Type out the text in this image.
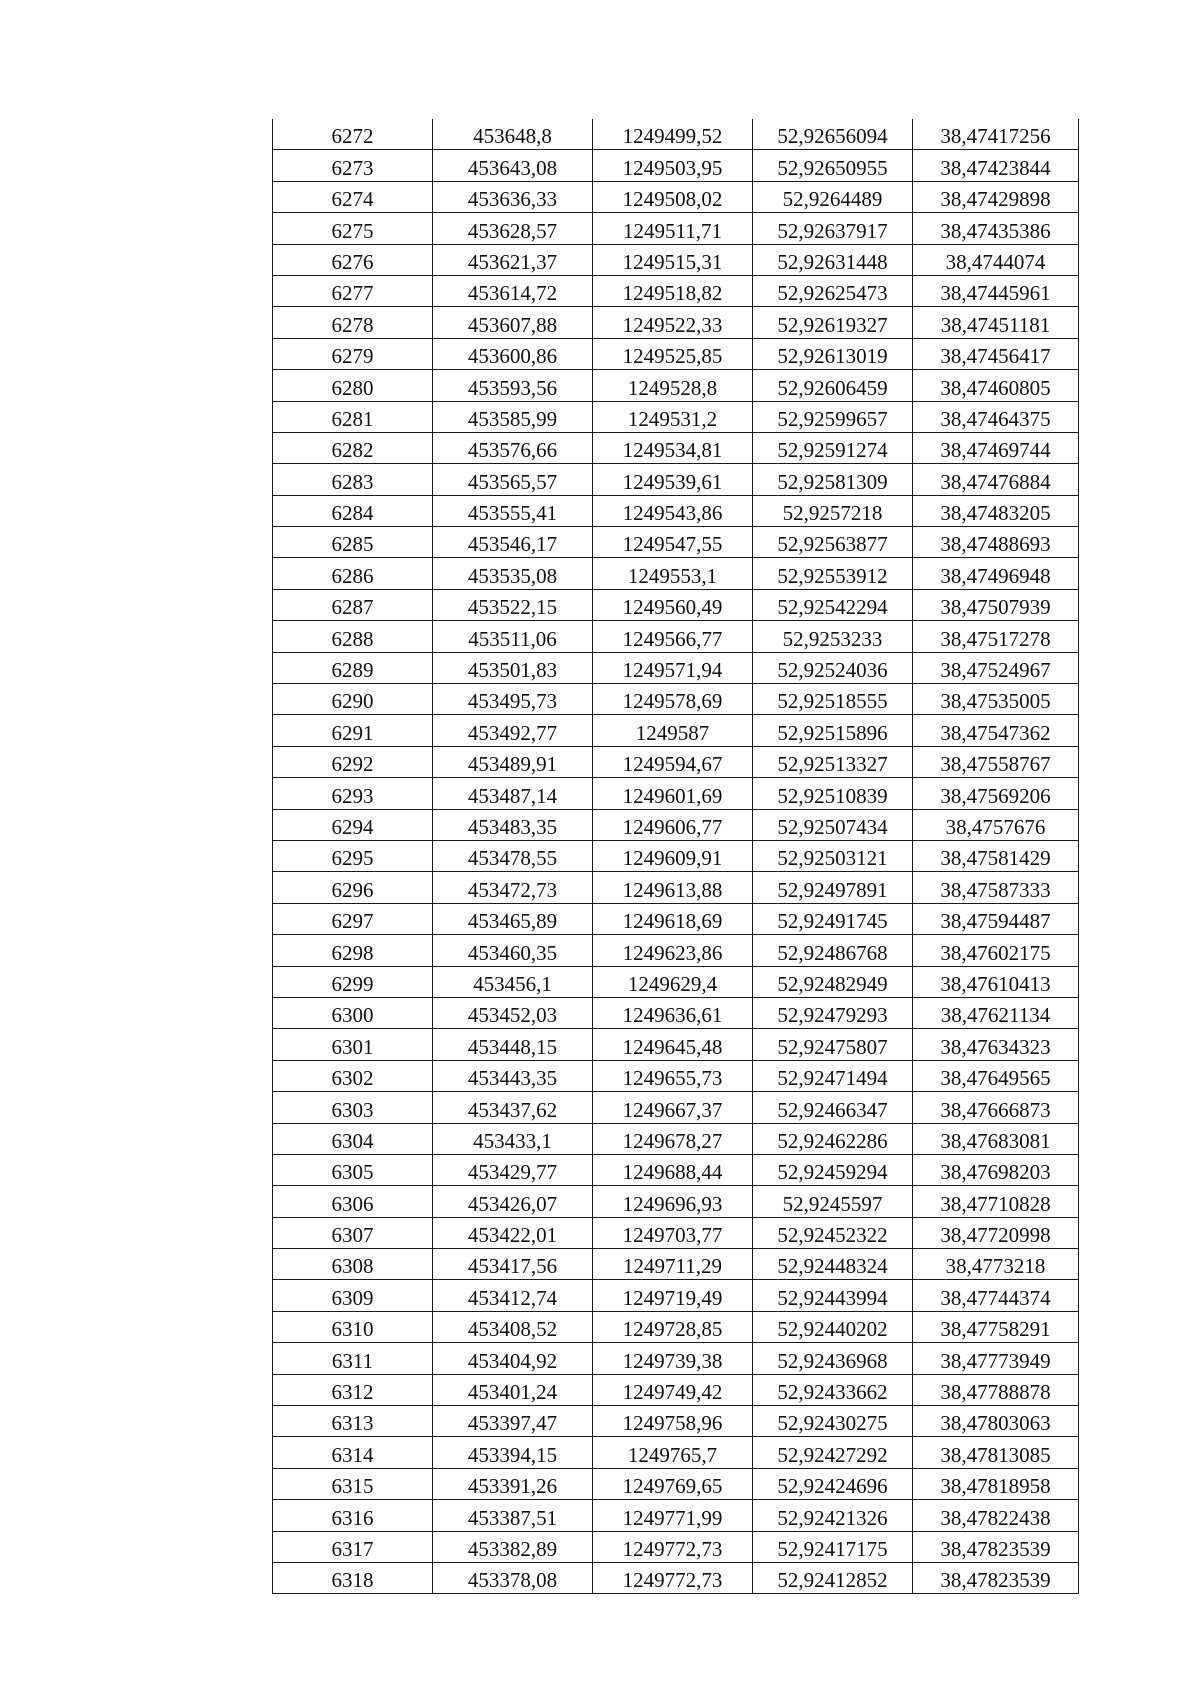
6272	453648,8	1249499,52	52,92656094	38,47417256
6273	453643,08	1249503,95	52,92650955	38,47423844
6274	453636,33	1249508,02	52,9264489	38,47429898
6275	453628,57	1249511,71	52,92637917	38,47435386
6276	453621,37	1249515,31	52,92631448	38,4744074
6277	453614,72	1249518,82	52,92625473	38,47445961
6278	453607,88	1249522,33	52,92619327	38,47451181
6279	453600,86	1249525,85	52,92613019	38,47456417
6280	453593,56	1249528,8	52,92606459	38,47460805
6281	453585,99	1249531,2	52,92599657	38,47464375
6282	453576,66	1249534,81	52,92591274	38,47469744
6283	453565,57	1249539,61	52,92581309	38,47476884
6284	453555,41	1249543,86	52,9257218	38,47483205
6285	453546,17	1249547,55	52,92563877	38,47488693
6286	453535,08	1249553,1	52,92553912	38,47496948
6287	453522,15	1249560,49	52,92542294	38,47507939
6288	453511,06	1249566,77	52,9253233	38,47517278
6289	453501,83	1249571,94	52,92524036	38,47524967
6290	453495,73	1249578,69	52,92518555	38,47535005
6291	453492,77	1249587	52,92515896	38,47547362
6292	453489,91	1249594,67	52,92513327	38,47558767
6293	453487,14	1249601,69	52,92510839	38,47569206
6294	453483,35	1249606,77	52,92507434	38,4757676
6295	453478,55	1249609,91	52,92503121	38,47581429
6296	453472,73	1249613,88	52,92497891	38,47587333
6297	453465,89	1249618,69	52,92491745	38,47594487
6298	453460,35	1249623,86	52,92486768	38,47602175
6299	453456,1	1249629,4	52,92482949	38,47610413
6300	453452,03	1249636,61	52,92479293	38,47621134
6301	453448,15	1249645,48	52,92475807	38,47634323
6302	453443,35	1249655,73	52,92471494	38,47649565
6303	453437,62	1249667,37	52,92466347	38,47666873
6304	453433,1	1249678,27	52,92462286	38,47683081
6305	453429,77	1249688,44	52,92459294	38,47698203
6306	453426,07	1249696,93	52,9245597	38,47710828
6307	453422,01	1249703,77	52,92452322	38,47720998
6308	453417,56	1249711,29	52,92448324	38,4773218
6309	453412,74	1249719,49	52,92443994	38,47744374
6310	453408,52	1249728,85	52,92440202	38,47758291
6311	453404,92	1249739,38	52,92436968	38,47773949
6312	453401,24	1249749,42	52,92433662	38,47788878
6313	453397,47	1249758,96	52,92430275	38,47803063
6314	453394,15	1249765,7	52,92427292	38,47813085
6315	453391,26	1249769,65	52,92424696	38,47818958
6316	453387,51	1249771,99	52,92421326	38,47822438
6317	453382,89	1249772,73	52,92417175	38,47823539
6318	453378,08	1249772,73	52,92412852	38,47823539
